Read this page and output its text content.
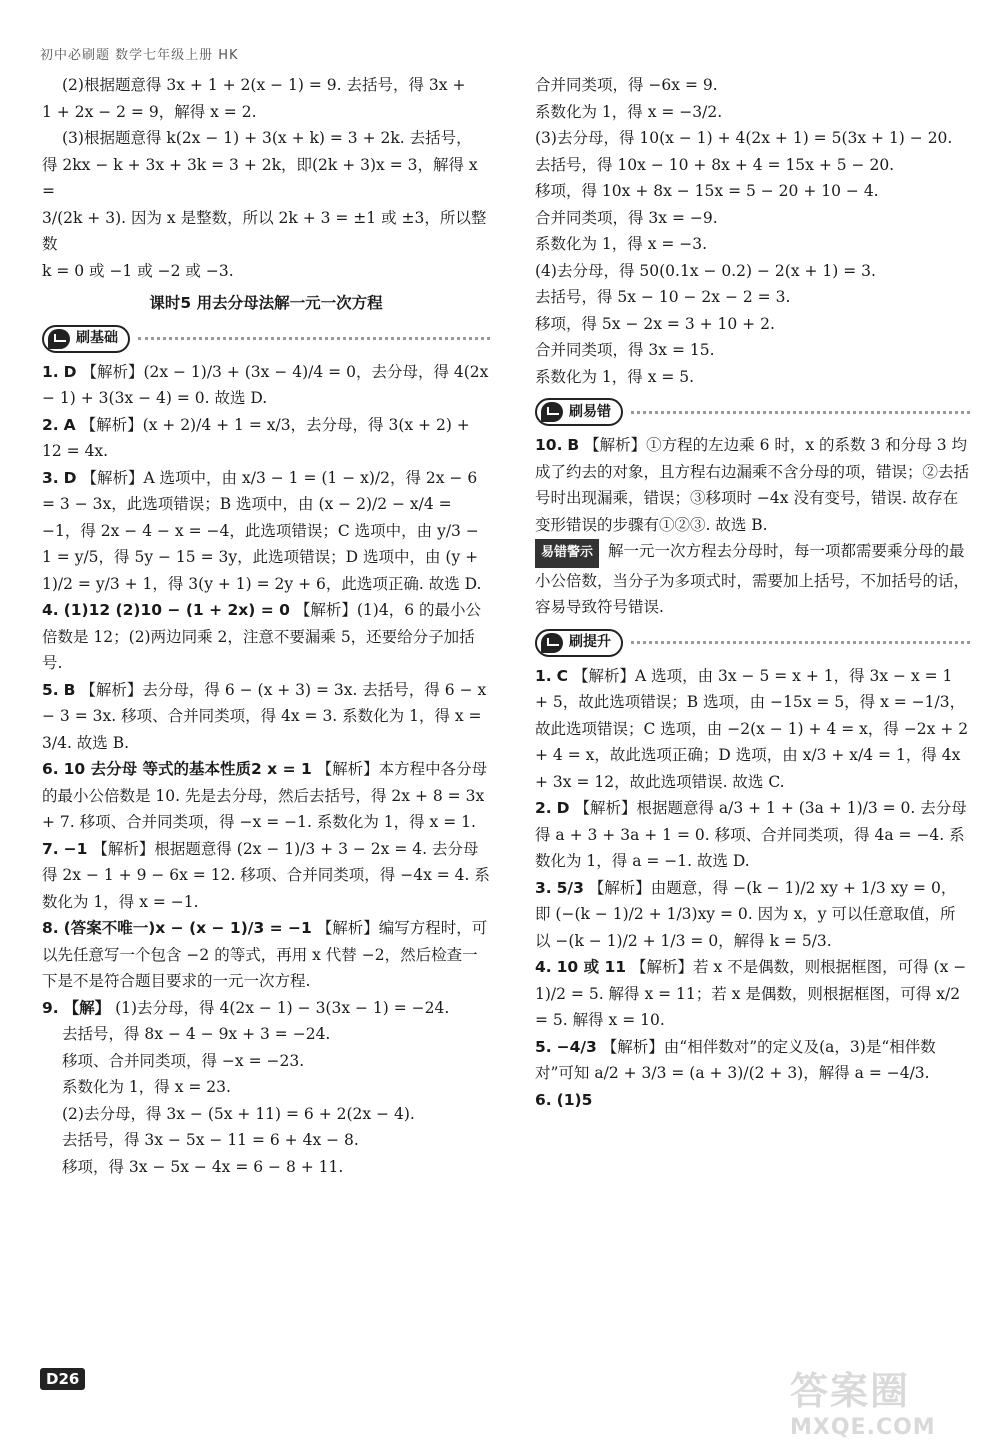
初中必刷题 数学七年级上册 HK

(2)根据题意得 3x + 1 + 2(x − 1) = 9. 去括号，得 3x +

1 + 2x − 2 = 9，解得 x = 2.

(3)根据题意得 k(2x − 1) + 3(x + k) = 3 + 2k. 去括号，

得 2kx − k + 3x + 3k = 3 + 2k，即(2k + 3)x = 3，解得 x =

3/(2k + 3). 因为 x 是整数，所以 2k + 3 = ±1 或 ±3，所以整数

k = 0 或 −1 或 −2 或 −3.

课时5 用去分母法解一元一次方程
刷基础

1. D 【解析】(2x − 1)/3 + (3x − 4)/4 = 0，去分母，得 4(2x − 1) + 3(3x − 4) = 0. 故选 D.

2. A 【解析】(x + 2)/4 + 1 = x/3，去分母，得 3(x + 2) + 12 = 4x.

3. D 【解析】A 选项中，由 x/3 − 1 = (1 − x)/2，得 2x − 6 = 3 − 3x，此选项错误；B 选项中，由 (x − 2)/2 − x/4 = −1，得 2x − 4 − x = −4，此选项错误；C 选项中，由 y/3 − 1 = y/5，得 5y − 15 = 3y，此选项错误；D 选项中，由 (y + 1)/2 = y/3 + 1，得 3(y + 1) = 2y + 6，此选项正确. 故选 D.

4. (1)12 (2)10 − (1 + 2x) = 0 【解析】(1)4，6 的最小公倍数是 12；(2)两边同乘 2，注意不要漏乘 5，还要给分子加括号.

5. B 【解析】去分母，得 6 − (x + 3) = 3x. 去括号，得 6 − x − 3 = 3x. 移项、合并同类项，得 4x = 3. 系数化为 1，得 x = 3/4. 故选 B.

6. 10 去分母 等式的基本性质2 x = 1 【解析】本方程中各分母的最小公倍数是 10. 先是去分母，然后去括号，得 2x + 8 = 3x + 7. 移项、合并同类项，得 −x = −1. 系数化为 1，得 x = 1.

7. −1 【解析】根据题意得 (2x − 1)/3 + 3 − 2x = 4. 去分母得 2x − 1 + 9 − 6x = 12. 移项、合并同类项，得 −4x = 4. 系数化为 1，得 x = −1.

8. (答案不唯一)x − (x − 1)/3 = −1 【解析】编写方程时，可以先任意写一个包含 −2 的等式，再用 x 代替 −2，然后检查一下是不是符合题目要求的一元一次方程.

9. 【解】 (1)去分母，得 4(2x − 1) − 3(3x − 1) = −24.

去括号，得 8x − 4 − 9x + 3 = −24.

移项、合并同类项，得 −x = −23.

系数化为 1，得 x = 23.

(2)去分母，得 3x − (5x + 11) = 6 + 2(2x − 4).

去括号，得 3x − 5x − 11 = 6 + 4x − 8.

移项，得 3x − 5x − 4x = 6 − 8 + 11.

合并同类项，得 −6x = 9.

系数化为 1，得 x = −3/2.

(3)去分母，得 10(x − 1) + 4(2x + 1) = 5(3x + 1) − 20.

去括号，得 10x − 10 + 8x + 4 = 15x + 5 − 20.

移项，得 10x + 8x − 15x = 5 − 20 + 10 − 4.

合并同类项，得 3x = −9.

系数化为 1，得 x = −3.

(4)去分母，得 50(0.1x − 0.2) − 2(x + 1) = 3.

去括号，得 5x − 10 − 2x − 2 = 3.

移项，得 5x − 2x = 3 + 10 + 2.

合并同类项，得 3x = 15.

系数化为 1，得 x = 5.

刷易错

10. B 【解析】①方程的左边乘 6 时，x 的系数 3 和分母 3 均成了约去的对象，且方程右边漏乘不含分母的项，错误；②去括号时出现漏乘，错误；③移项时 −4x 没有变号，错误. 故存在变形错误的步骤有①②③. 故选 B.

易错警示 解一元一次方程去分母时，每一项都需要乘分母的最小公倍数，当分子为多项式时，需要加上括号，不加括号的话，容易导致符号错误.

刷提升

1. C 【解析】A 选项，由 3x − 5 = x + 1，得 3x − x = 1 + 5，故此选项错误；B 选项，由 −15x = 5，得 x = −1/3，故此选项错误；C 选项，由 −2(x − 1) + 4 = x，得 −2x + 2 + 4 = x，故此选项正确；D 选项，由 x/3 + x/4 = 1，得 4x + 3x = 12，故此选项错误. 故选 C.

2. D 【解析】根据题意得 a/3 + 1 + (3a + 1)/3 = 0. 去分母得 a + 3 + 3a + 1 = 0. 移项、合并同类项，得 4a = −4. 系数化为 1，得 a = −1. 故选 D.

3. 5/3 【解析】由题意，得 −(k − 1)/2 xy + 1/3 xy = 0，即 (−(k − 1)/2 + 1/3)xy = 0. 因为 x，y 可以任意取值，所以 −(k − 1)/2 + 1/3 = 0，解得 k = 5/3.

4. 10 或 11 【解析】若 x 不是偶数，则根据框图，可得 (x − 1)/2 = 5. 解得 x = 11；若 x 是偶数，则根据框图，可得 x/2 = 5. 解得 x = 10.

5. −4/3 【解析】由“相伴数对”的定义及(a，3)是“相伴数对”可知 a/2 + 3/3 = (a + 3)/(2 + 3)，解得 a = −4/3.

6. (1)5

D26	答案圈
MXQE.COM
